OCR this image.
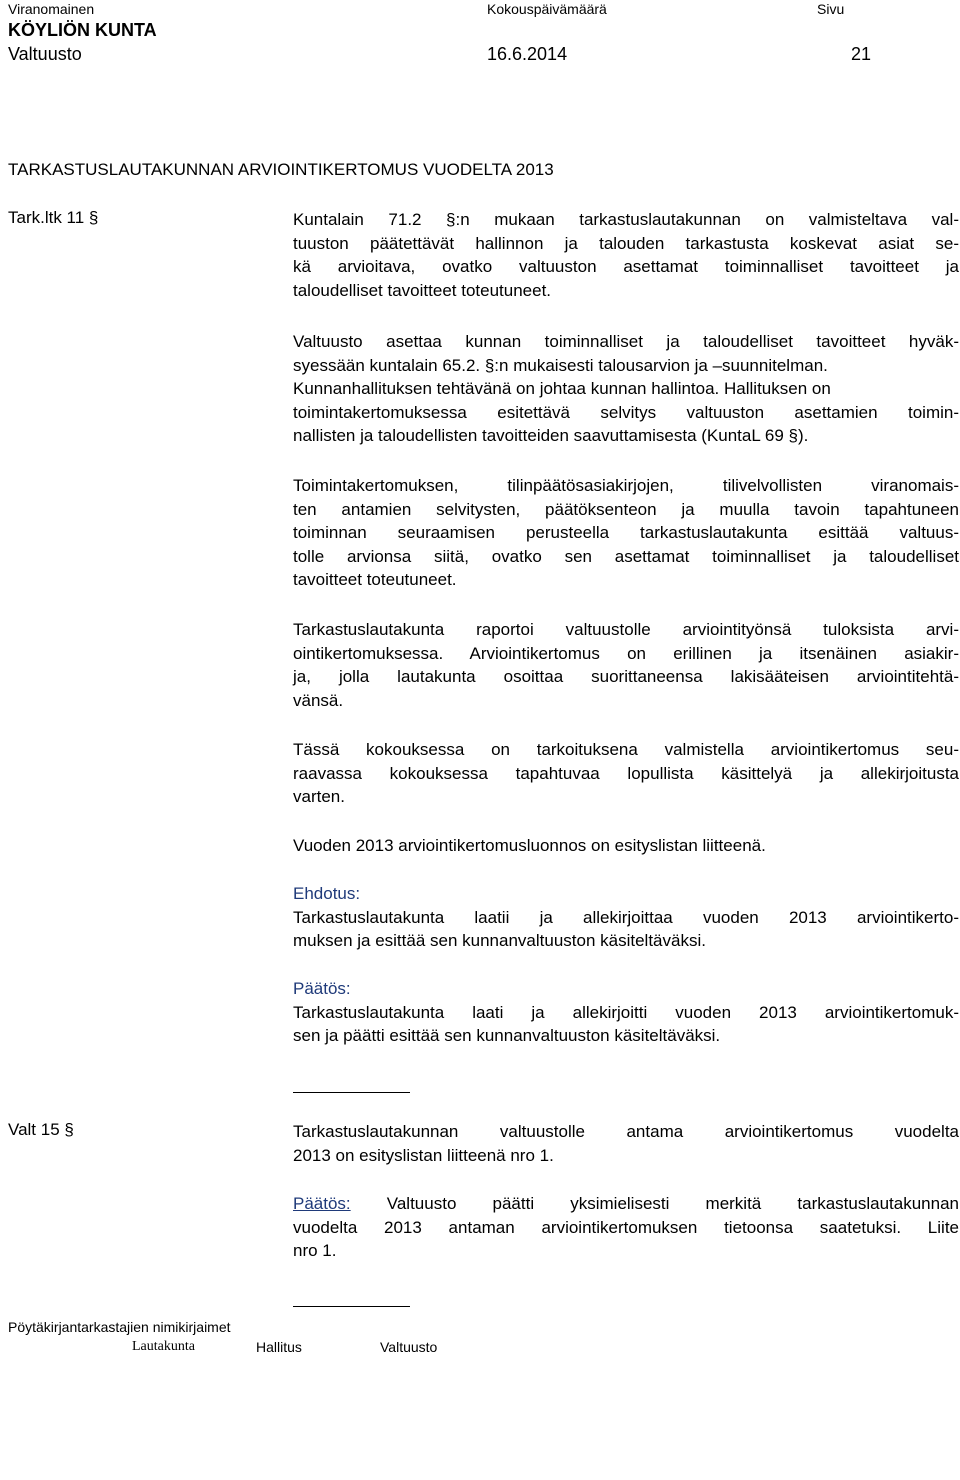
Viranomainen	Kokouspäivämäärä	Sivu
KÖYLIÖN KUNTA
Valtuusto	16.6.2014	21
TARKASTUSLAUTAKUNNAN ARVIOINTIKERTOMUS VUODELTA 2013
Tark.ltk 11 §	Kuntalain 71.2 §:n mukaan tarkastuslautakunnan on valmisteltava val-
tuuston päätettävät hallinnon ja talouden tarkastusta koskevat asiat se-
kä arvioitava, ovatko valtuuston asettamat toiminnalliset tavoitteet ja
taloudelliset tavoitteet toteutuneet.
Valtuusto asettaa kunnan toiminnalliset ja taloudelliset tavoitteet hyväk-
syessään kuntalain 65.2. §:n mukaisesti talousarvion ja –suunnitelman.
Kunnanhallituksen tehtävänä on johtaa kunnan hallintoa. Hallituksen on
toimintakertomuksessa esitettävä selvitys valtuuston asettamien toimin-
nallisten ja taloudellisten tavoitteiden saavuttamisesta (KuntaL 69 §).
Toimintakertomuksen, tilinpäätösasiakirjojen, tilivelvollisten viranomais-
ten antamien selvitysten, päätöksenteon ja muulla tavoin tapahtuneen
toiminnan seuraamisen perusteella tarkastuslautakunta esittää valtuus-
tolle arvionsa siitä, ovatko sen asettamat toiminnalliset ja taloudelliset
tavoitteet toteutuneet.
Tarkastuslautakunta raportoi valtuustolle arviointityönsä tuloksista arvi-
ointikertomuksessa. Arviointikertomus on erillinen ja itsenäinen asiakir-
ja, jolla lautakunta osoittaa suorittaneensa lakisääteisen arviointitehtä-
vänsä.
Tässä kokouksessa on tarkoituksena valmistella arviointikertomus seu-
raavassa kokouksessa tapahtuvaa lopullista käsittelyä ja allekirjoitusta
varten.
Vuoden 2013 arviointikertomusluonnos on esityslistan liitteenä.
Ehdotus:
Tarkastuslautakunta laatii ja allekirjoittaa vuoden 2013 arviointikerto-
muksen ja esittää sen kunnanvaltuuston käsiteltäväksi.
Päätös:
Tarkastuslautakunta laati ja allekirjoitti vuoden 2013 arviointikertomuk-
sen ja päätti esittää sen kunnanvaltuuston käsiteltäväksi.
Valt 15 §	Tarkastuslautakunnan valtuustolle antama arviointikertomus vuodelta
2013 on esityslistan liitteenä nro 1.
Päätös: Valtuusto päätti yksimielisesti merkitä tarkastuslautakunnan
vuodelta 2013 antaman arviointikertomuksen tietoonsa saatetuksi. Liite
nro 1.
Pöytäkirjantarkastajien nimikirjaimet
Lautakunta	Hallitus	Valtuusto
